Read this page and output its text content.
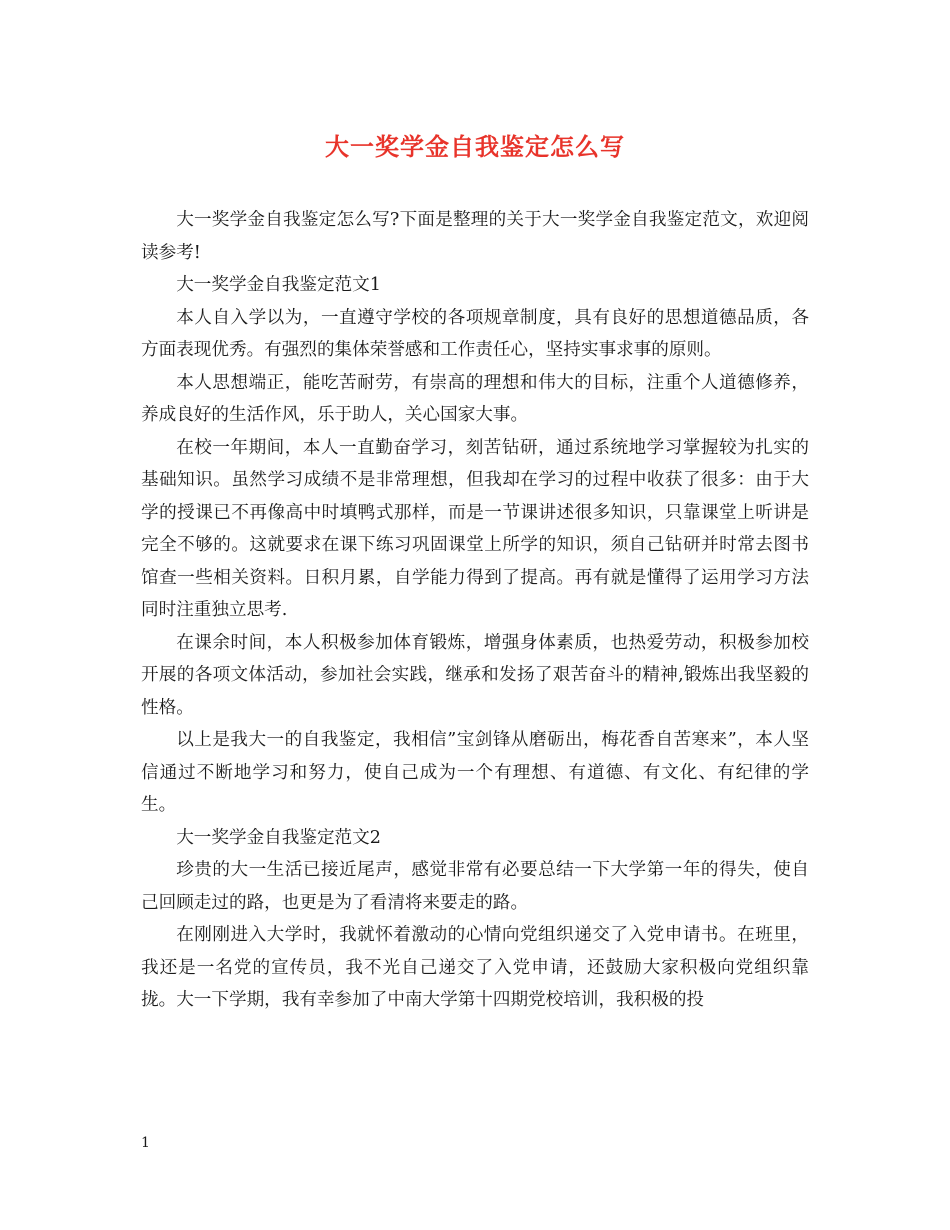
大一奖学金自我鉴定怎么写

大一奖学金自我鉴定怎么写?下面是整理的关于大一奖学金自我鉴定范文，欢迎阅读参考!

大一奖学金自我鉴定范文1

本人自入学以为，一直遵守学校的各项规章制度，具有良好的思想道德品质，各方面表现优秀。有强烈的集体荣誉感和工作责任心，坚持实事求事的原则。

本人思想端正，能吃苦耐劳，有崇高的理想和伟大的目标，注重个人道德修养，养成良好的生活作风，乐于助人，关心国家大事。

在校一年期间，本人一直勤奋学习，刻苦钻研，通过系统地学习掌握较为扎实的基础知识。虽然学习成绩不是非常理想，但我却在学习的过程中收获了很多：由于大学的授课已不再像高中时填鸭式那样，而是一节课讲述很多知识，只靠课堂上听讲是完全不够的。这就要求在课下练习巩固课堂上所学的知识，须自己钻研并时常去图书馆查一些相关资料。日积月累，自学能力得到了提高。再有就是懂得了运用学习方法同时注重独立思考.

在课余时间，本人积极参加体育锻炼，增强身体素质，也热爱劳动，积极参加校开展的各项文体活动，参加社会实践，继承和发扬了艰苦奋斗的精神,锻炼出我坚毅的性格。

以上是我大一的自我鉴定，我相信”宝剑锋从磨砺出，梅花香自苦寒来”，本人坚信通过不断地学习和努力，使自己成为一个有理想、有道德、有文化、有纪律的学生。

大一奖学金自我鉴定范文2

珍贵的大一生活已接近尾声，感觉非常有必要总结一下大学第一年的得失，使自己回顾走过的路，也更是为了看清将来要走的路。

在刚刚进入大学时，我就怀着激动的心情向党组织递交了入党申请书。在班里，我还是一名党的宣传员，我不光自己递交了入党申请，还鼓励大家积极向党组织靠拢。大一下学期，我有幸参加了中南大学第十四期党校培训，我积极的投

1
